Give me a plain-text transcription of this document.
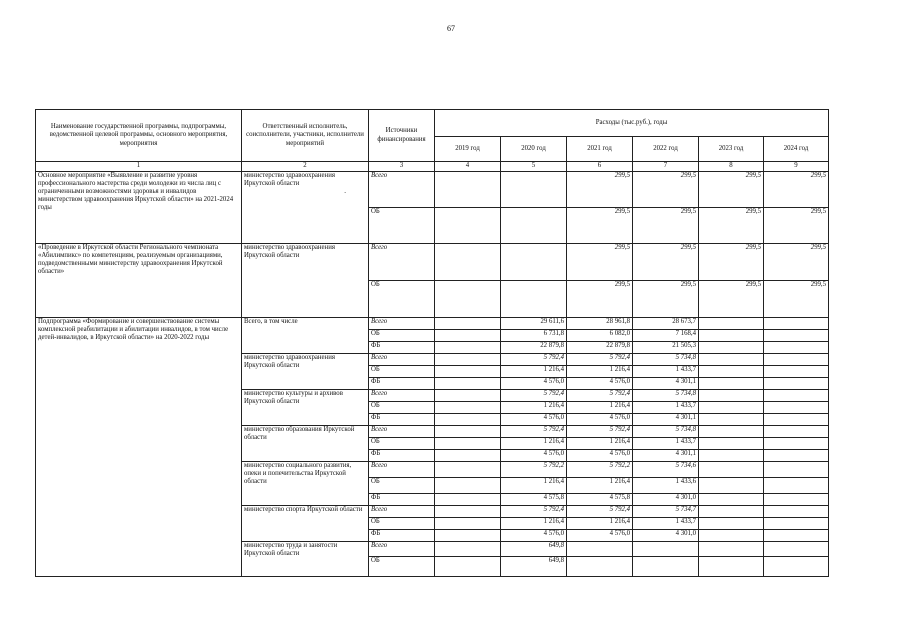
67
`
Наименование государственной программы, подпрограммы, ведомственной целевой программы, основного мероприятия, мероприятия	Ответственный исполнитель, соисполнители, участники, исполнители мероприятий	Источники финансирования	Расходы (тыс.руб.), годы					
			2019 год	2020 год	2021 год	2022 год	2023 год	2024 год
1	2	3	4	5	6	7	8	9
Основное мероприятие «Выявление и развитие уровня профессионального мастерства среди молодежи из числа лиц с ограниченными возможностями здоровья и инвалидов министерством здравоохранения Иркутской области» на 2021-2024 годы	министерство здравоохранения Иркутской области	Всего			299,5	299,5	299,5	299,5
		ОБ			299,5	299,5	299,5	299,5
«Проведение в Иркутской области Регионального чемпионата «Абилимпикс» по компетенциям, реализуемым организациями, подведомственными министерству здравоохранения Иркутской области»	министерство здравоохранения Иркутской области	Всего			299,5	299,5	299,5	299,5
		ОБ			299,5	299,5	299,5	299,5
Подпрограмма «Формирование и совершенствование системы комплексной реабилитации и абилитации инвалидов, в том числе детей-инвалидов, в Иркутской области» на 2020-2022 годы	Всего, в том числе	Всего		29 611,6	28 961,8	28 673,7		
		ОБ		6 731,8	6 082,0	7 168,4		
		ФБ		22 879,8	22 879,8	21 505,3		
	министерство здравоохранения Иркутской области	Всего		5 792,4	5 792,4	5 734,8		
		ОБ		1 216,4	1 216,4	1 433,7		
		ФБ		4 576,0	4 576,0	4 301,1		
	министерство культуры и архивов Иркутской области	Всего		5 792,4	5 792,4	5 734,8		
		ОБ		1 216,4	1 216,4	1 433,7		
		ФБ		4 576,0	4 576,0	4 301,1		
	министерство образования Иркутской области	Всего		5 792,4	5 792,4	5 734,8		
		ОБ		1 216,4	1 216,4	1 433,7		
		ФБ		4 576,0	4 576,0	4 301,1		
	министерство социального развития, опеки и попечительства Иркутской области	Всего		5 792,2	5 792,2	5 734,6		
		ОБ		1 216,4	1 216,4	1 433,6		
		ФБ		4 575,8	4 575,8	4 301,0		
	министерство спорта Иркутской области	Всего		5 792,4	5 792,4	5 734,7		
		ОБ		1 216,4	1 216,4	1 433,7		
		ФБ		4 576,0	4 576,0	4 301,0		
	министерство труда и занятости Иркутской области	Всего		649,8				
		ОБ		649,8				
